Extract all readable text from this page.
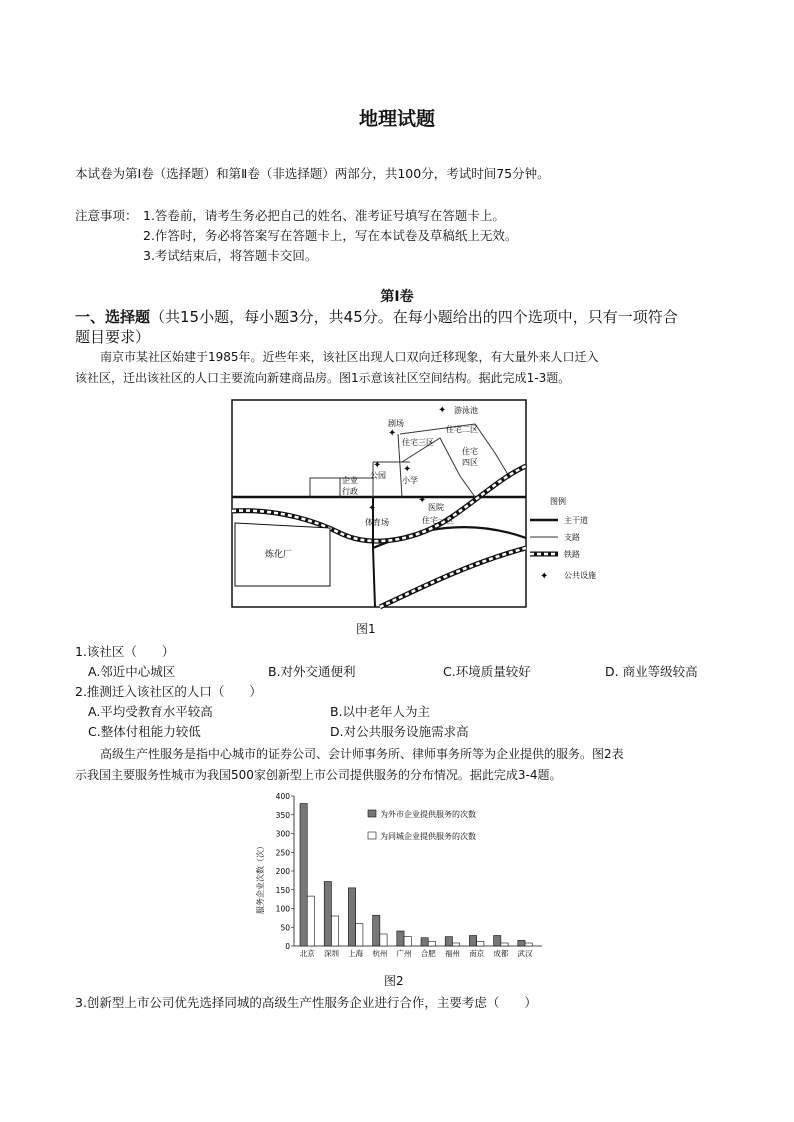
地理试题
本试卷为第Ⅰ卷（选择题）和第Ⅱ卷（非选择题）两部分，共100分，考试时间75分钟。
注意事项： 1.答卷前，请考生务必把自己的姓名、准考证号填写在答题卡上。
2.作答时，务必将答案写在答题卡上，写在本试卷及草稿纸上无效。
3.考试结束后，将答题卡交回。
第Ⅰ卷
一、选择题（共15小题，每小题3分，共45分。在每小题给出的四个选项中，只有一项符合
题目要求）
南京市某社区始建于1985年。近些年来，该社区出现人口双向迁移现象，有大量外来人口迁入
该社区，迁出该社区的人口主要流向新建商品房。图1示意该社区空间结构。据此完成1-3题。
游泳池
剧场
住宅二区
住宅三区
住宅
四区
公园
企业
行政
小学
体育场
医院
住宅一区
炼化厂
✦
✦
✦ ✦
✦
✦	图例
主干道
支路
铁路
✦ 公共设施
图1
1.该社区（　　）
A.邻近中心城区	B.对外交通便利	C.环境质量较好	D. 商业等级较高
2.推测迁入该社区的人口（　　）
A.平均受教育水平较高	B.以中老年人为主
C.整体付租能力较低	D.对公共服务设施需求高
高级生产性服务是指中心城市的证券公司、会计师事务所、律师事务所等为企业提供的服务。图2表
示我国主要服务性城市为我国500家创新型上市公司提供服务的分布情况。据此完成3-4题。
0
50
100
150
200
250
300
350
400
北京 深圳 上海 杭州 广州 合肥 福州 南京 成都 武汉
服务企业次数（次）
为外市企业提供服务的次数
为同城企业提供服务的次数
图2
3.创新型上市公司优先选择同城的高级生产性服务企业进行合作，主要考虑（　　）
